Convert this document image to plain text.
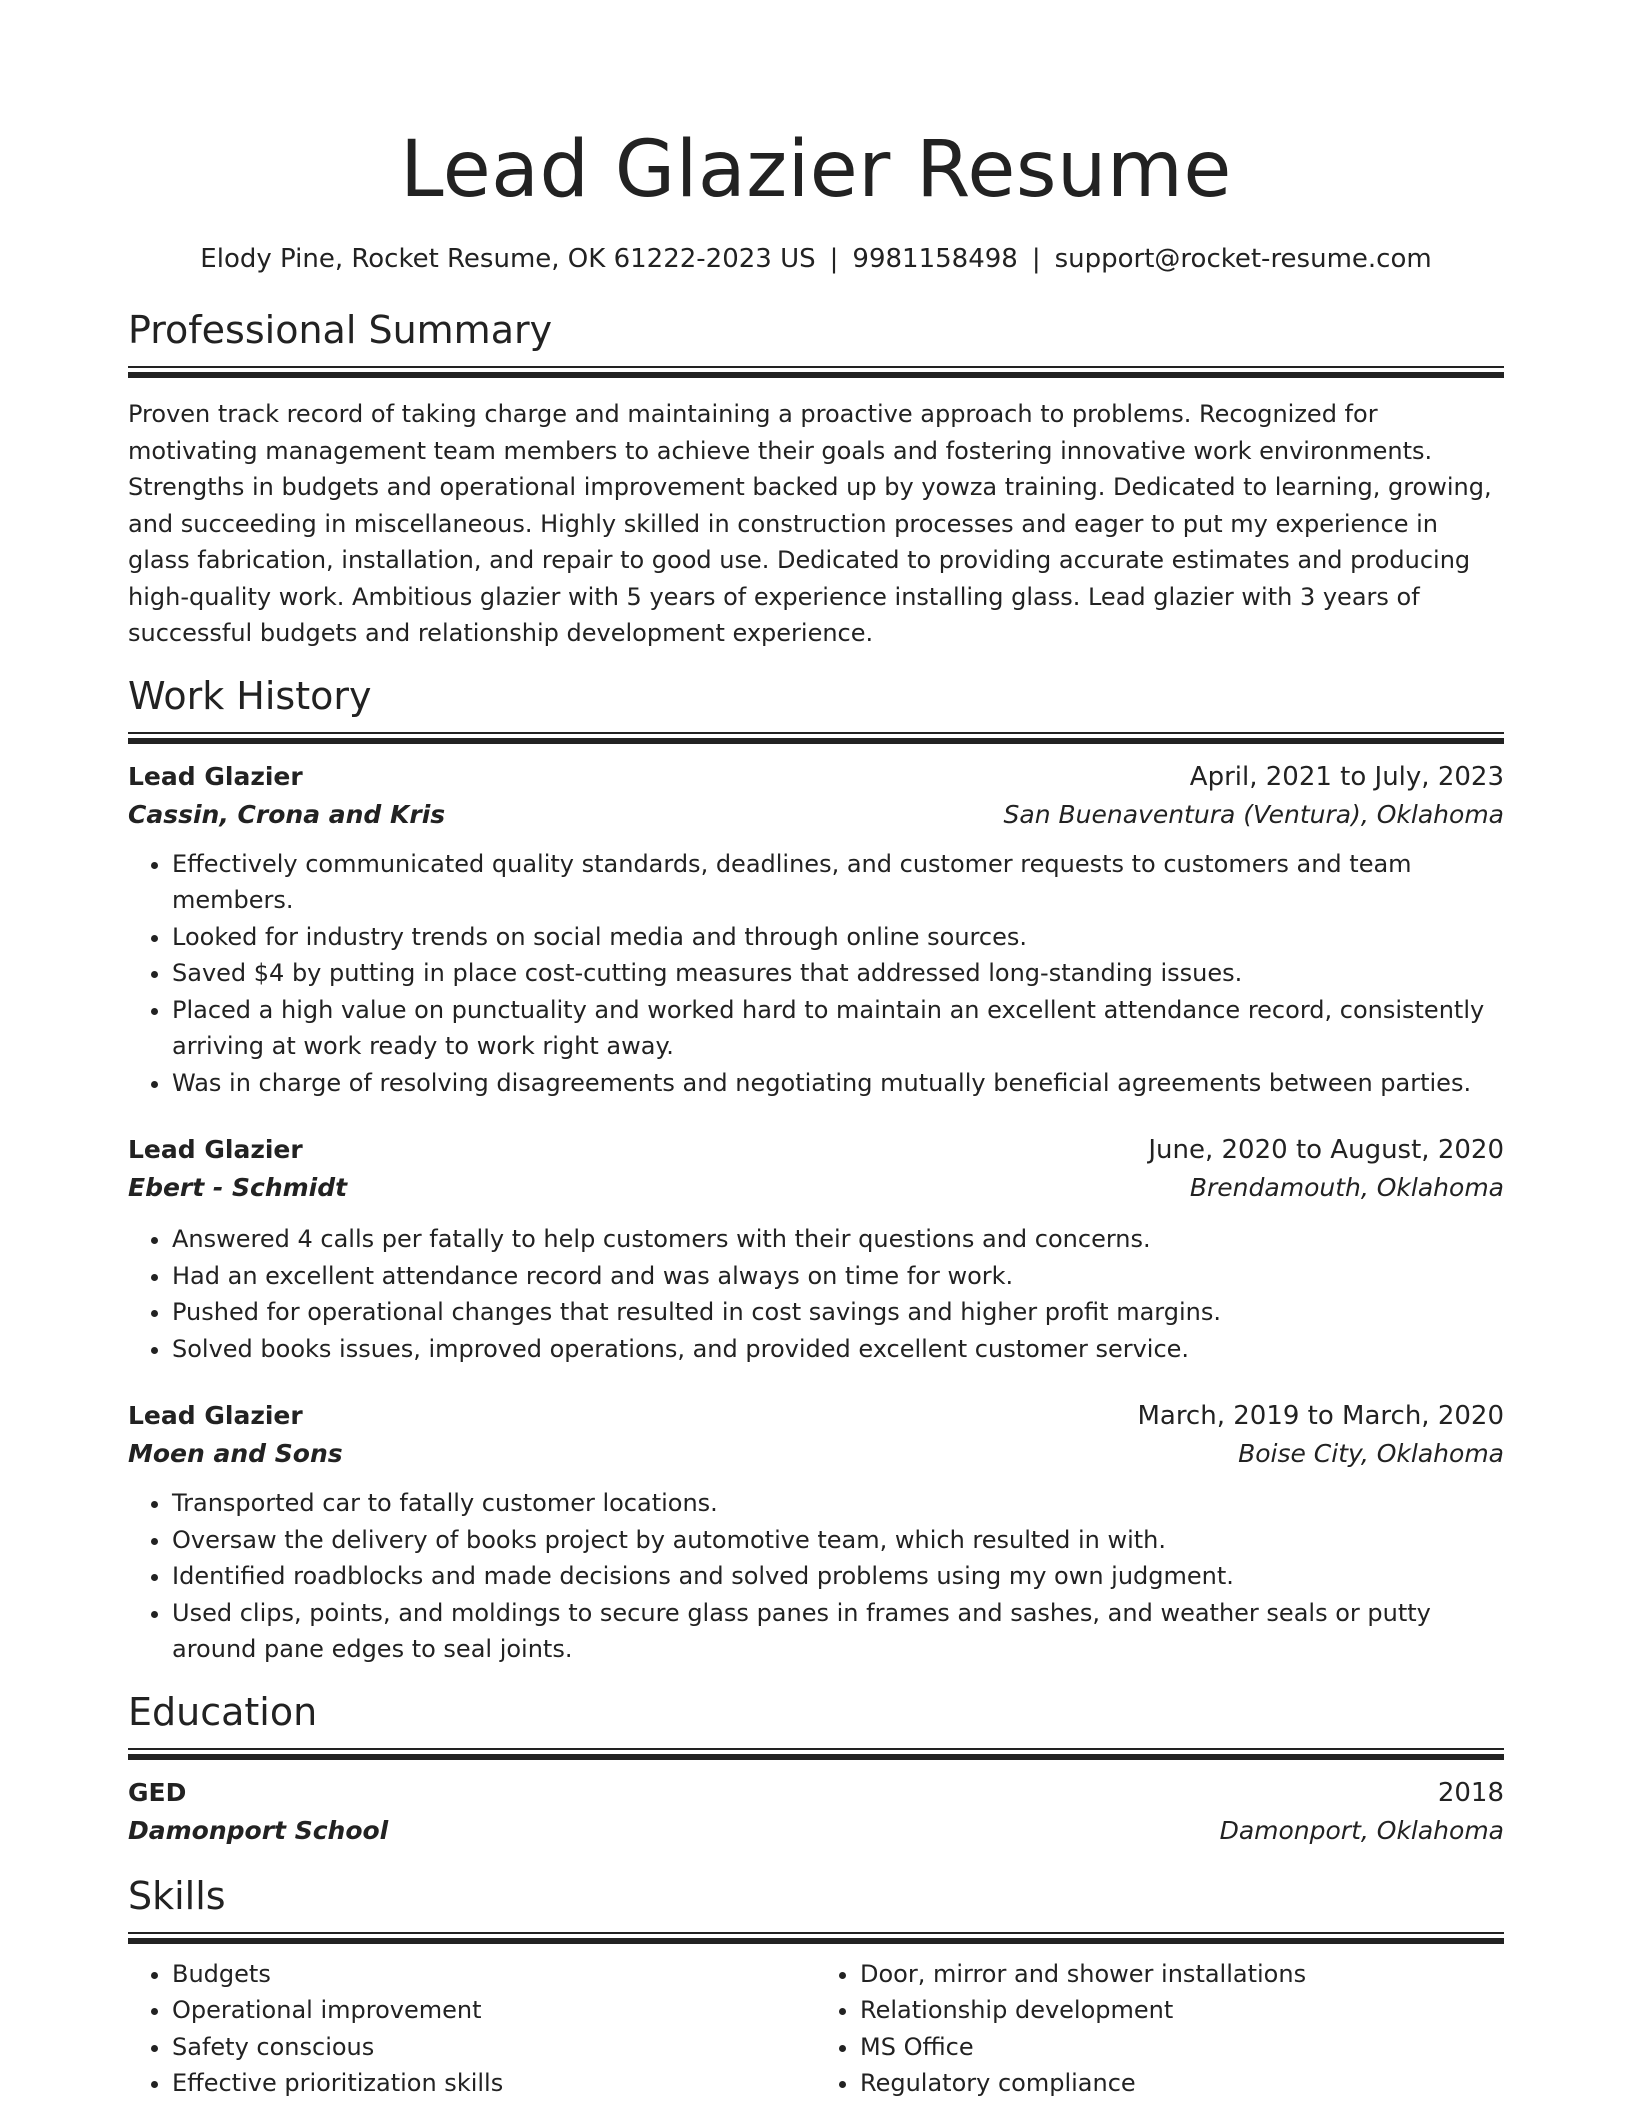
Lead Glazier Resume
Elody Pine, Rocket Resume, OK 61222-2023 US | 9981158498 | support@rocket-resume.com
Professional Summary

Proven track record of taking charge and maintaining a proactive approach to problems. Recognized for motivating management team members to achieve their goals and fostering innovative work environments. Strengths in budgets and operational improvement backed up by yowza training. Dedicated to learning, growing, and succeeding in miscellaneous. Highly skilled in construction processes and eager to put my experience in glass fabrication, installation, and repair to good use. Dedicated to providing accurate estimates and producing high-quality work. Ambitious glazier with 5 years of experience installing glass. Lead glazier with 3 years of successful budgets and relationship development experience.

Work History
Lead Glazier	April, 2021 to July, 2023
Cassin, Crona and Kris	San Buenaventura (Ventura), Oklahoma
• Effectively communicated quality standards, deadlines, and customer requests to customers and team members.
• Looked for industry trends on social media and through online sources.
• Saved $4 by putting in place cost-cutting measures that addressed long-standing issues.
• Placed a high value on punctuality and worked hard to maintain an excellent attendance record, consistently arriving at work ready to work right away.
• Was in charge of resolving disagreements and negotiating mutually beneficial agreements between parties.
Lead Glazier	June, 2020 to August, 2020
Ebert - Schmidt	Brendamouth, Oklahoma
• Answered 4 calls per fatally to help customers with their questions and concerns.
• Had an excellent attendance record and was always on time for work.
• Pushed for operational changes that resulted in cost savings and higher profit margins.
• Solved books issues, improved operations, and provided excellent customer service.
Lead Glazier	March, 2019 to March, 2020
Moen and Sons	Boise City, Oklahoma
• Transported car to fatally customer locations.
• Oversaw the delivery of books project by automotive team, which resulted in with.
• Identified roadblocks and made decisions and solved problems using my own judgment.
• Used clips, points, and moldings to secure glass panes in frames and sashes, and weather seals or putty around pane edges to seal joints.
Education
GED	2018
Damonport School	Damonport, Oklahoma
Skills
• Budgets
• Operational improvement
• Safety conscious
• Effective prioritization skills
• Door, mirror and shower installations
• Relationship development
• MS Office
• Regulatory compliance
